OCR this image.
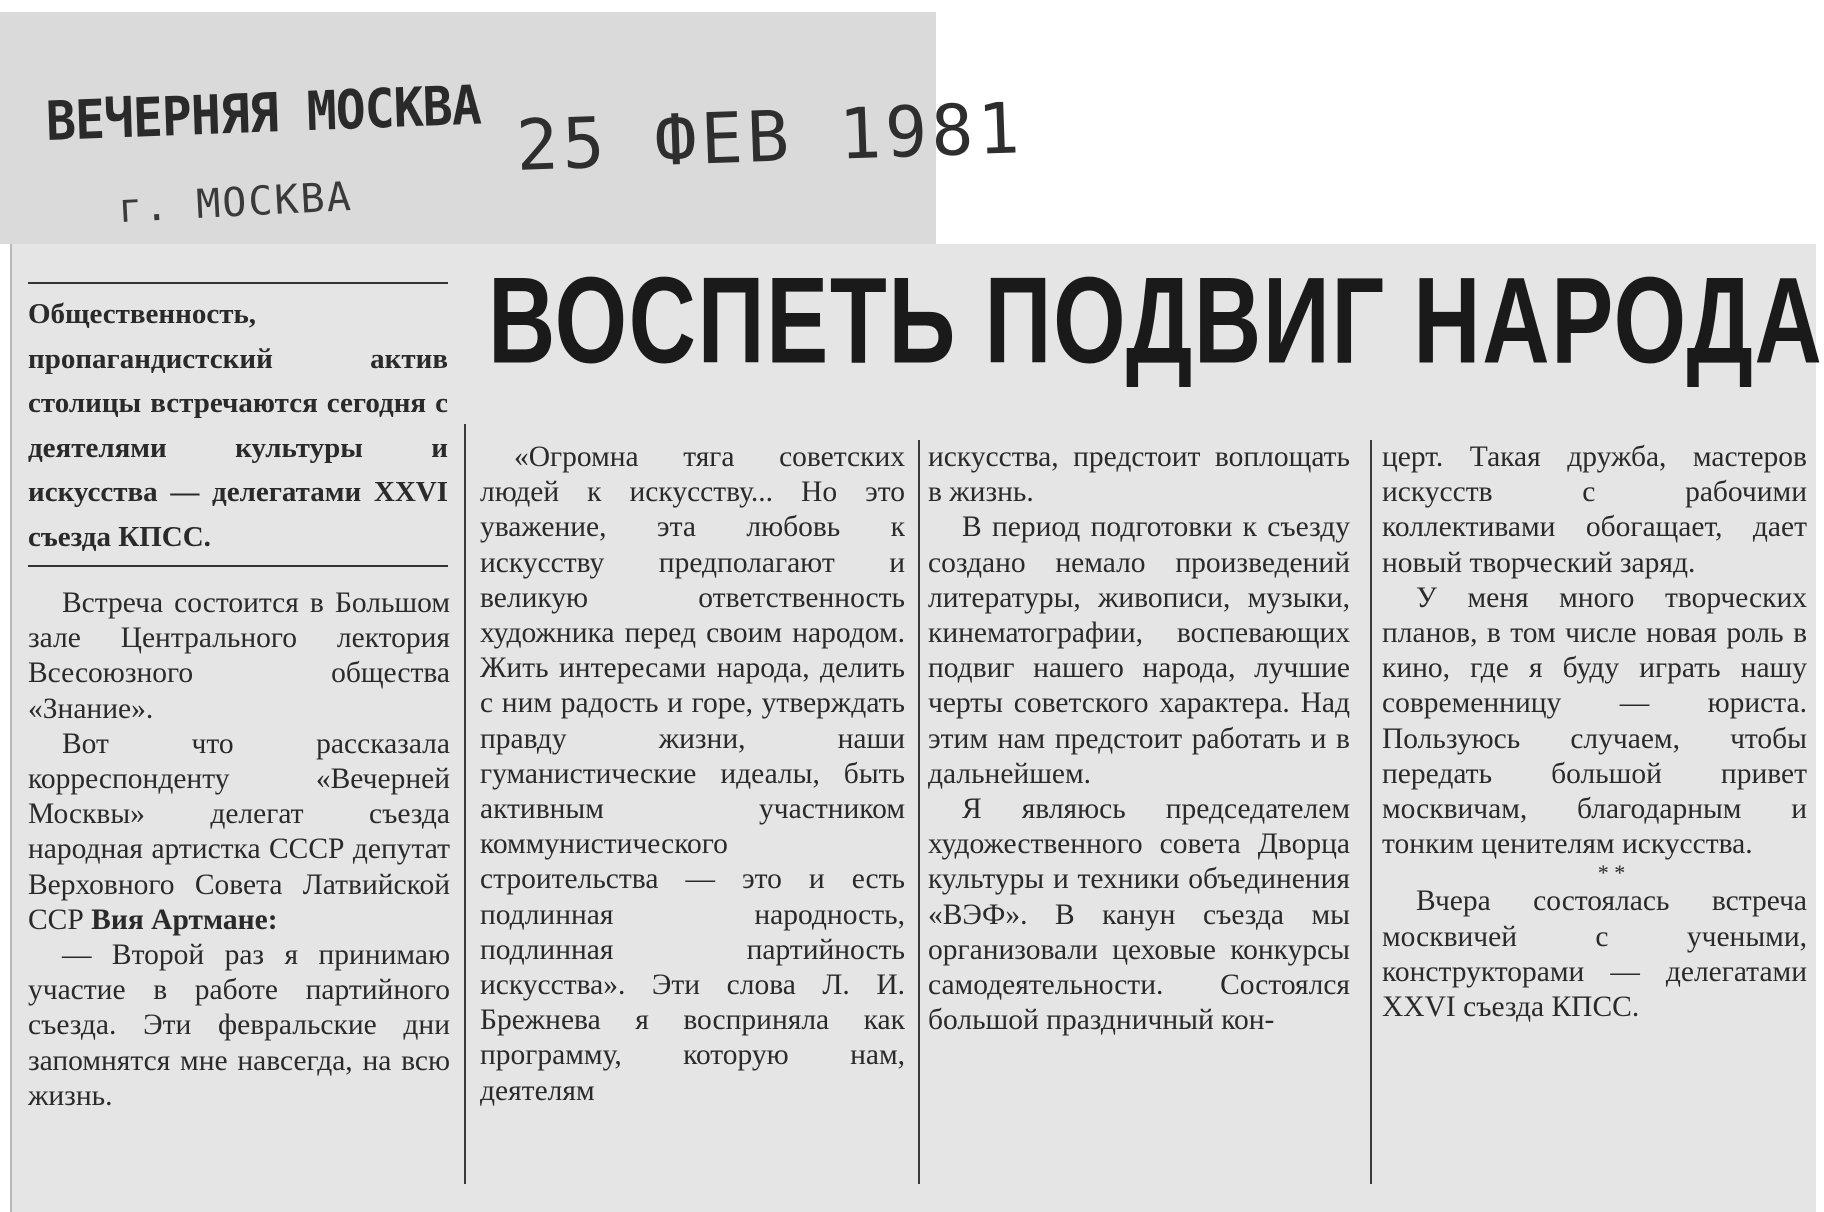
ВЕЧЕРНЯЯ МОСКВА 25 ФЕВ 1981
г. МОСКВА
ВОСПЕТЬ ПОДВИГ НАРОДА
Общественность, пропагандистский актив столицы встречаются сегодня с деятелями культуры и искусства — делегатами XXVI съезда КПСС.

Встреча состоится в Большом зале Центрального лектория Всесоюзного общества «Знание».

Вот что рассказала корреспонденту «Вечерней Москвы» делегат съезда народная артистка СССР депутат Верховного Совета Латвийской ССР Вия Артмане:

— Второй раз я принимаю участие в работе партийного съезда. Эти февральские дни запомнятся мне навсегда, на всю жизнь.

«Огромна тяга советских людей к искусству... Но это уважение, эта любовь к искусству предполагают и великую ответственность художника перед своим народом. Жить интересами народа, делить с ним радость и горе, утверждать правду жизни, наши гуманистические идеалы, быть активным участником коммунистического строительства — это и есть подлинная народность, подлинная партийность искусства». Эти слова Л. И. Брежнева я восприняла как программу, которую нам, деятелям

искусства, предстоит воплощать в жизнь.

В период подготовки к съезду создано немало произведений литературы, живописи, музыки, кинематографии, воспевающих подвиг нашего народа, лучшие черты советского характера. Над этим нам предстоит работать и в дальнейшем.

Я являюсь председателем художественного совета Дворца культуры и техники объединения «ВЭФ». В канун съезда мы организовали цеховые конкурсы самодеятельности. Состоялся большой праздничный кон-

церт. Такая дружба, мастеров искусств с рабочими коллективами обогащает, дает новый творческий заряд.

У меня много творческих планов, в том числе новая роль в кино, где я буду играть нашу современницу — юриста. Пользуюсь случаем, чтобы передать большой привет москвичам, благодарным и тонким ценителям искусства.

* *

Вчера состоялась встреча москвичей с учеными, конструкторами — делегатами XXVI съезда КПСС.
